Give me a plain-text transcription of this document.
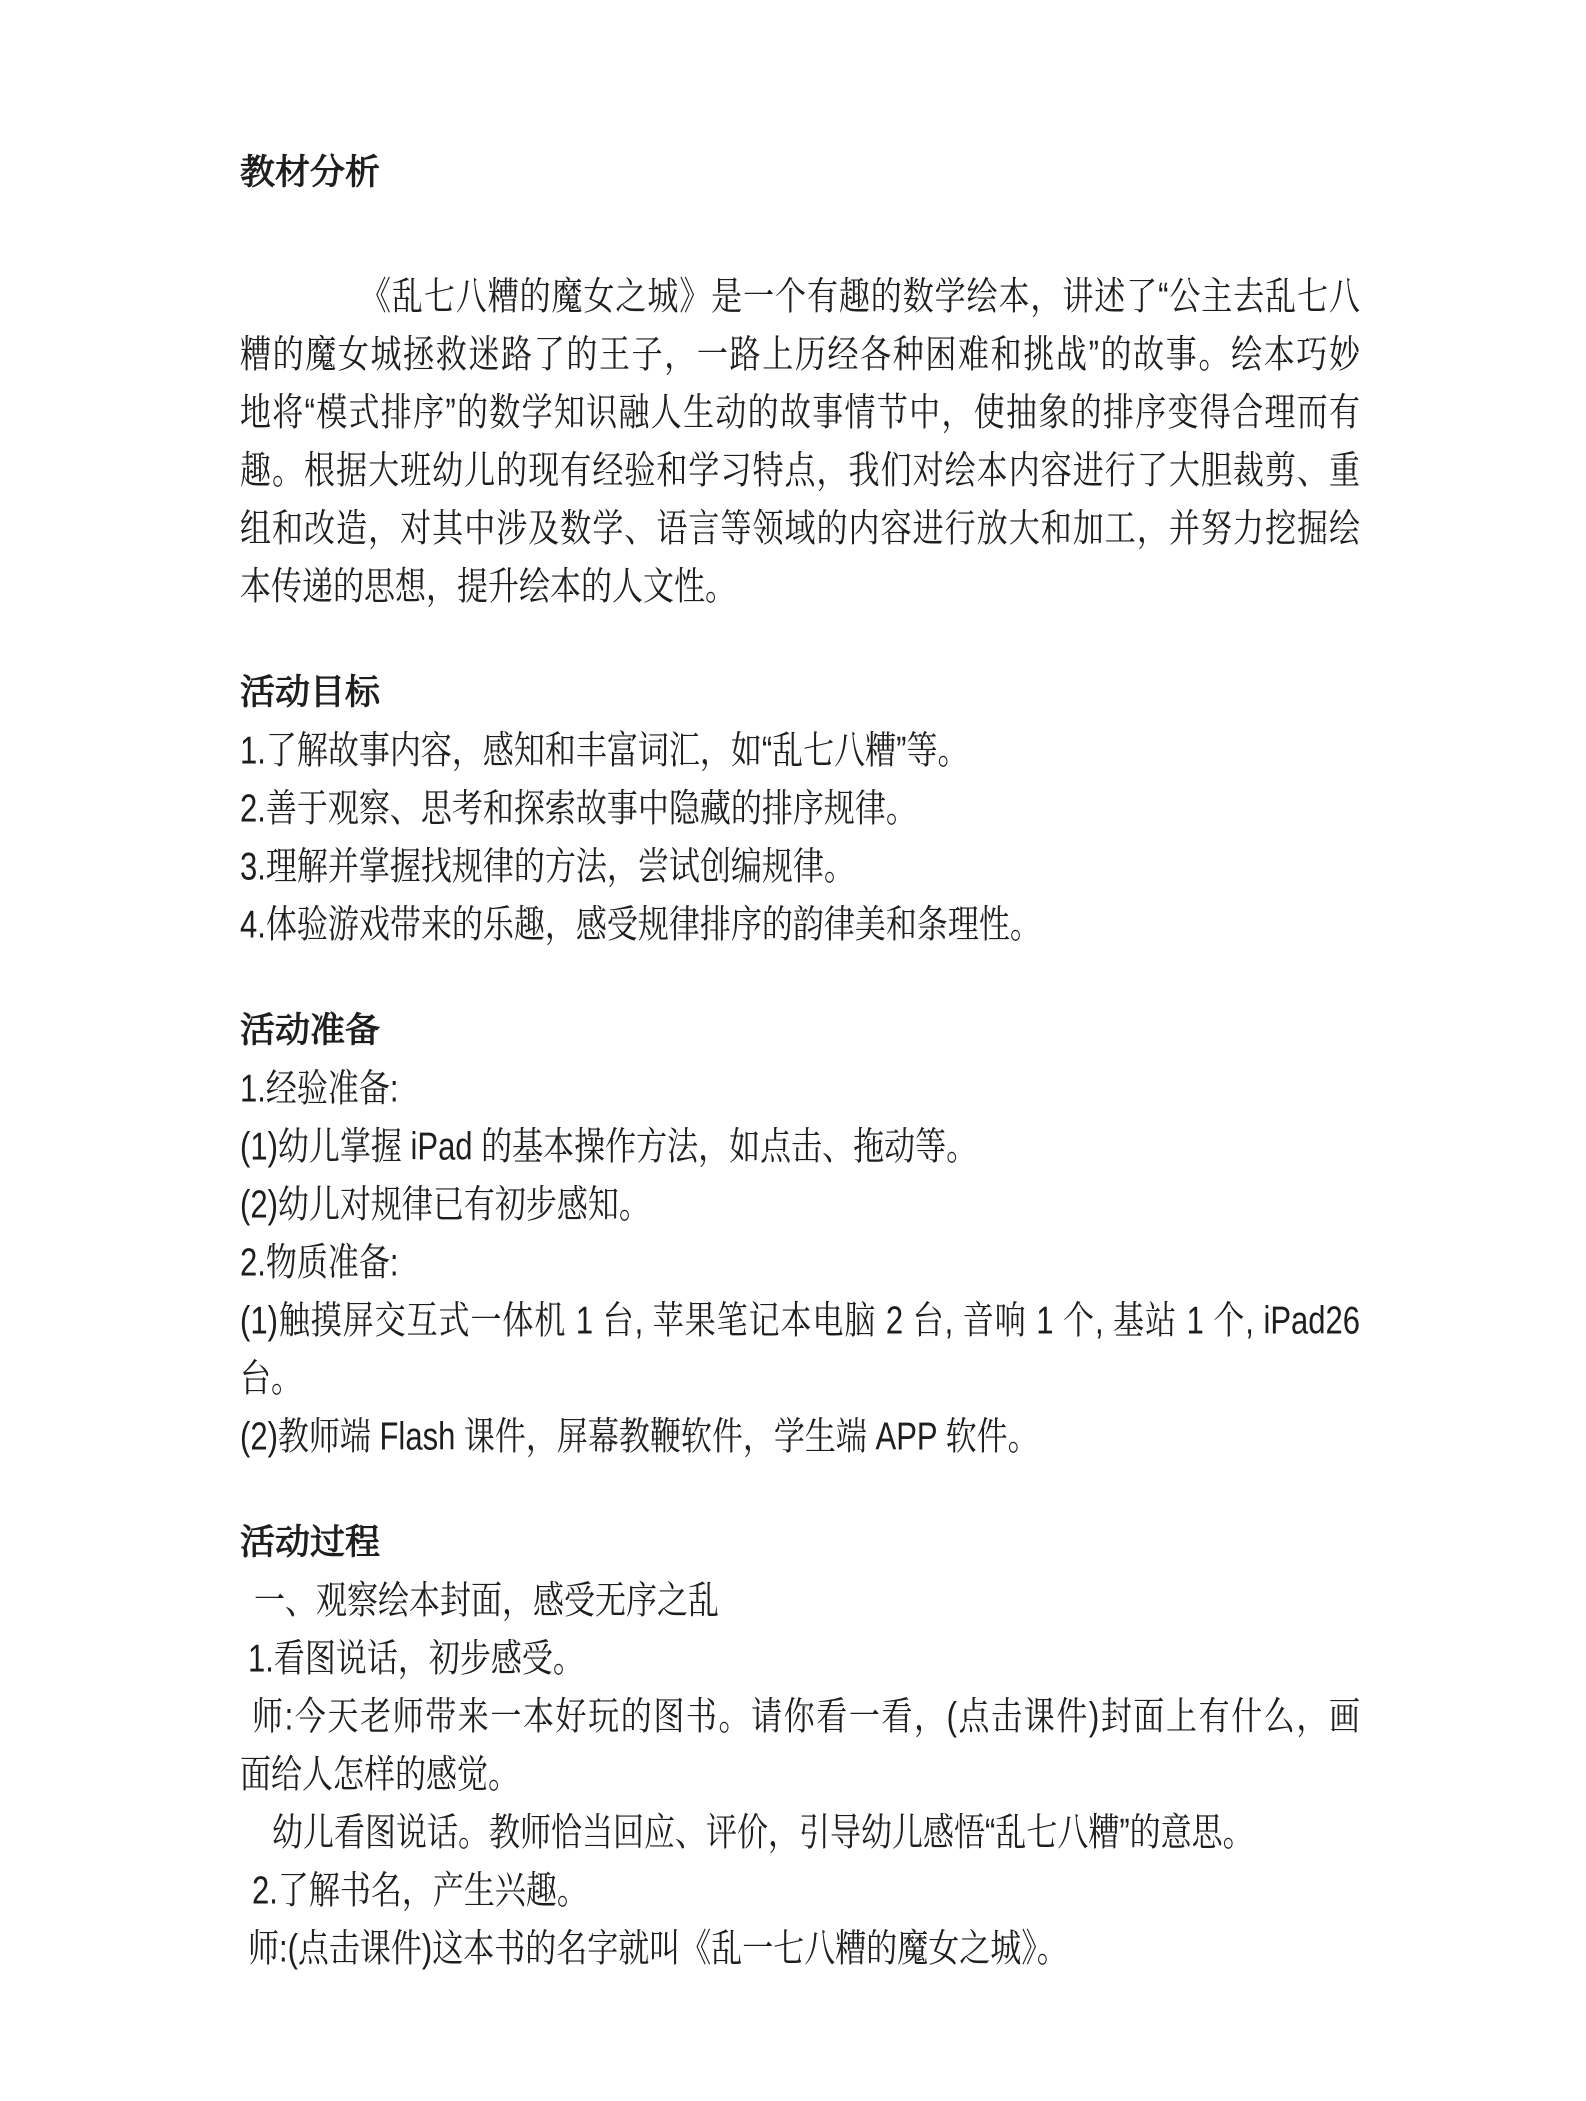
教材分析
《乱七八糟的魔女之城》是一个有趣的数学绘本，讲述了“公主去乱七八
糟的魔女城拯救迷路了的王子，一路上历经各种困难和挑战”的故事。绘本巧妙
地将“模式排序”的数学知识融人生动的故事情节中，使抽象的排序变得合理而有
趣。根据大班幼儿的现有经验和学习特点，我们对绘本内容进行了大胆裁剪、重
组和改造，对其中涉及数学、语言等领域的内容进行放大和加工，并努力挖掘绘
本传递的思想，提升绘本的人文性。
活动目标
1.了解故事内容，感知和丰富词汇，如“乱七八糟”等。
2.善于观察、思考和探索故事中隐藏的排序规律。
3.理解并掌握找规律的方法，尝试创编规律。
4.体验游戏带来的乐趣，感受规律排序的韵律美和条理性。
活动准备
1.经验准备:
(1)幼儿掌握 iPad 的基本操作方法，如点击、拖动等。
(2)幼儿对规律已有初步感知。
2.物质准备:
(1)触摸屏交互式一体机 1 台, 苹果笔记本电脑 2 台, 音响 1 个, 基站 1 个, iPad26
台。
(2)教师端 Flash 课件，屏幕教鞭软件，学生端 APP 软件。
活动过程
一、观察绘本封面，感受无序之乱
1.看图说话，初步感受。
师:今天老师带来一本好玩的图书。请你看一看，(点击课件)封面上有什么，画
面给人怎样的感觉。
幼儿看图说话。教师恰当回应、评价，引导幼儿感悟“乱七八糟”的意思。
2.了解书名，产生兴趣。
师:(点击课件)这本书的名字就叫《乱一七八糟的魔女之城》。
